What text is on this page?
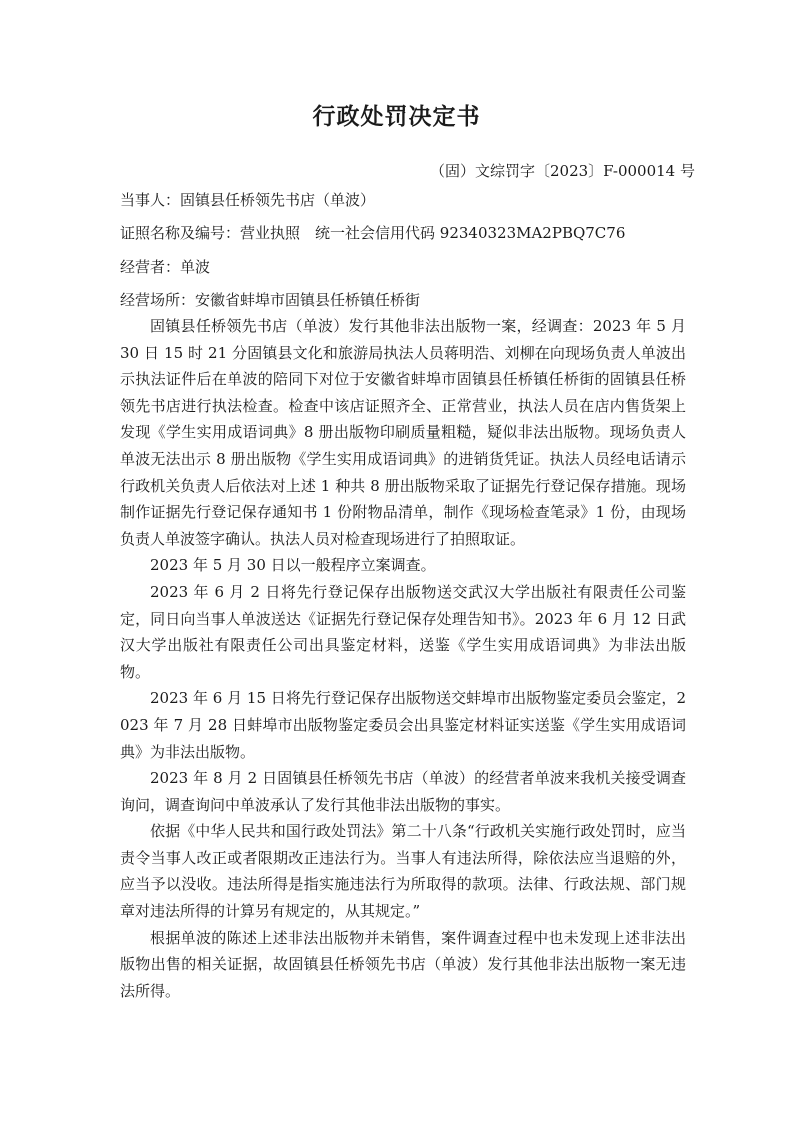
行政处罚决定书

（固）文综罚字〔2023〕F-000014 号

当事人：固镇县任桥领先书店（单波）

证照名称及编号：营业执照　统一社会信用代码 92340323MA2PBQ7C76

经营者：单波

经营场所：安徽省蚌埠市固镇县任桥镇任桥街

固镇县任桥领先书店（单波）发行其他非法出版物一案，经调查：2023 年 5 月 30 日 15 时 21 分固镇县文化和旅游局执法人员蒋明浩、刘柳在向现场负责人单波出示执法证件后在单波的陪同下对位于安徽省蚌埠市固镇县任桥镇任桥街的固镇县任桥领先书店进行执法检查。检查中该店证照齐全、正常营业，执法人员在店内售货架上发现《学生实用成语词典》8 册出版物印刷质量粗糙，疑似非法出版物。现场负责人单波无法出示 8 册出版物《学生实用成语词典》的进销货凭证。执法人员经电话请示行政机关负责人后依法对上述 1 种共 8 册出版物采取了证据先行登记保存措施。现场制作证据先行登记保存通知书 1 份附物品清单，制作《现场检查笔录》1 份，由现场负责人单波签字确认。执法人员对检查现场进行了拍照取证。

2023 年 5 月 30 日以一般程序立案调查。

2023 年 6 月 2 日将先行登记保存出版物送交武汉大学出版社有限责任公司鉴定，同日向当事人单波送达《证据先行登记保存处理告知书》。2023 年 6 月 12 日武汉大学出版社有限责任公司出具鉴定材料，送鉴《学生实用成语词典》为非法出版物。

2023 年 6 月 15 日将先行登记保存出版物送交蚌埠市出版物鉴定委员会鉴定，2023 年 7 月 28 日蚌埠市出版物鉴定委员会出具鉴定材料证实送鉴《学生实用成语词典》为非法出版物。

2023 年 8 月 2 日固镇县任桥领先书店（单波）的经营者单波来我机关接受调查询问，调查询问中单波承认了发行其他非法出版物的事实。

依据《中华人民共和国行政处罚法》第二十八条“行政机关实施行政处罚时，应当责令当事人改正或者限期改正违法行为。当事人有违法所得，除依法应当退赔的外，应当予以没收。违法所得是指实施违法行为所取得的款项。法律、行政法规、部门规章对违法所得的计算另有规定的，从其规定。”

根据单波的陈述上述非法出版物并未销售，案件调查过程中也未发现上述非法出版物出售的相关证据，故固镇县任桥领先书店（单波）发行其他非法出版物一案无违法所得。
